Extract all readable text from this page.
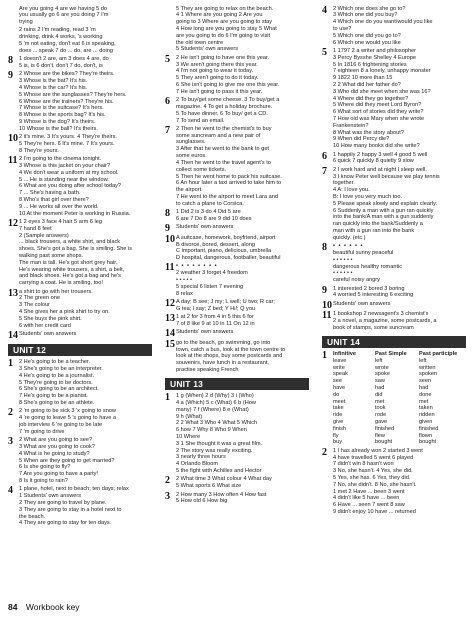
Are you going 4 are we having 5 do
you usually go 6 are you doing 7 I'm
trying
2 rains 2 I'm reading, read 3 'm
drinking, drink 4 works, 's working
5 'm not eating, don't eat 6 is speaking,
does ... speak 7 do ... do, are ... doing
8	1 doesn't 2 are, am 3 does 4 are, do
5 is, is 6 don't, don't 7 do, don't, is
9	2 Whose are the bikes? They're theirs.
3 Whose is the bat? It's his.
4 Whose is the car? It's his.
5 Whose are the sunglasses? They're hers.
6 Whose are the trainers? They're his.
7 Whose is the suitcase? It's hers.
8 Whose is the sports bag? It's his.
9 Whose is the dog? It's theirs.
10 Whose is the ball? It's theirs.
10 2 it's mine. 3 It's yours. 4 They're theirs.
5 They're hers. 6 It's mine. 7 It's yours.
8 They're yours.
11 2 I'm going to the cinema tonight.
3 Whose is this jacket on your chair?
4 We don't wear a uniform at my school.
5 ... He is standing near the window.
6 What are you doing after school today?
7 ... She's having a bath.
8 Who's that girl over there?
9 ... He works all over the world.
10 At the moment Peter is working in Russia.
12 1 2 eyes 3 face 4 hair 5 arm 6 leg
7 hand 8 feet
2 (Sample answers)
... black trousers, a white shirt, and black
shoes. She's got a bag. She is smiling. She is
walking past some shops.
The man is tall. He's got short grey hair.
He's wearing white trousers, a shirt, a belt,
and black shoes. He's got a bag and he's
carrying a coat. He is smiling, too!
13 a shirt to go with her trousers.
2 The green one
3 The colour
4 She gives her a pink shirt to try on.
5 She buys the pink shirt.
6 with her credit card
14 Students' own answers
UNIT 12
1	2 He's going to be a teacher.
3 She's going to be an interpreter.
4 He's going to be a journalist.
5 They're going to be doctors.
6 She's going to be an architect.
7 He's going to be a pianist.
8 She's going to be an athlete.
2	2 'm going to be sick 3 'x going to snow
4 're going to leave 5 's going to have a
job interview 6 're going to be late
7 'm going to drive
3	2 What are you going to see?
3 What are you going to cook?
4 What is he going to study?
5 When are they going to get married?
6 Is she going to fly?
7 Are you going to have a party!
8 Is it going to rain?
4	1 plane, hotel, next to beach; ten days; relax
1 Students' own answers
2 They are going to travel by plane.
3 They are going to stay in a hotel next to
the beach.
4 They are going to stay for ten days.
5 They are going to relax on the beach.
4 1 Where are you going 2 Are you
going to 3 Where are you going to stay
4 How long are you going to stay 5 What
are you going to do 6 I'm going to visit
the old town centre
5 Students' own answers
5	2 He isn't going to have one this year.
3 We aren't going there this year.
4 I'm not going to wear it today.
5 They aren't going to do it today.
6 She isn't going to give me one this year.
7 He isn't going to pass it this year.
6	2 To buy/get some cheese. 3 To buy/get a
magazine. 4 To get a holiday brochure.
5 To have dinner. 6 To buy/ get a CD.
7 To send an email.
7	2 Then he went to the chemist's to buy
some suncream and a new pair of
sunglasses.
3 After that he went to the bank to get
some euros.
4 Then he went to the travel agent's to
collect some tickets.
5 Then he went home to pack his suitcase.
6 An hour later a taxi arrived to take him to
the airport.
7 He went to the airport to meet Lara and
to catch a plane to Corsica.
8	1 Did 2 is 3 do 4 Did 5 are
6 are 7 Do 8 are 9 did 10 does
9	Students' own answers
10 A suitcase, homework, boyfriend, airport
B divorce, bored, dessert, along
C important, piano, delicious, umbrella
D hospital, dangerous, footballer, beautiful
11 • • • • • • • •
2 weather 3 forget 4 freedom
• • • • •
5 special 6 listen 7 evening
8 relax
12 A day; B see; J my; L well; U two; R car;
G tea; I say; Z bed; Y Hi!; Q you
13 1 at 2 for 3 from 4 in 5 this 6 for
7 of 8 like 9 at 10 in 11 On 12 in
14 Students' own answers
15 go to the beach, go swimming, go into
town, catch a bus, look at the town centre to
look at the shops, buy some postcards and
souvenirs, have lunch in a restaurant,
practise speaking French
UNIT 13
1	1 g (When) 2 d (Why) 3 i (Who)
4 a (Which) 5 c (What) 6 b (How
many) 7 f (Where) 8 e (What)
9 h (What)
2 2 What 3 Who 4 What 5 Which
6 how 7 Why 8 Who 9 When
10 Where
3 1 She thought it was a great film.
2 The story was really exciting.
3 nearly three hours
4 Orlando Bloom
5 the fight with Achilles and Hector
2	2 What time 3 What colour 4 What day
5 What sports 6 What size
3	2 How many 3 How often 4 How fast
5 How old 6 How big
4	2 Which one does she go to?
3 Which one did you buy?
4 Which one do you want/would you like
to use?
5 Which one did you go to?
6 Which one would you like
5	1 1797 2 a writer and philosopher
3 Percy Bysshe Shelley 4 Europe
5 In 1816 6 frightening stories
7 eighteen 8 a lonely, unhappy monster
9 1822 10 more than 15
2 2 What did her father do?
3 Who did she meet when she was 16?
4 Where did they go together?
5 Where did they meet Lord Byron?
6 What sort of stories did they write?
7 How old was Mary when she wrote
Frankenstein?
8 What was the story about?
9 When did Percy die?
10 How many books did she write?
6	1 happily 2 happy 3 well 4 good 5 well
6 quick 7 quickly 8 quietly 9 slow
7	2 I work hard and at night I sleep well.
3 I know Peter well because we play tennis
together.
4 A: I love you.
B: I love you very much too.
5 Please speak slowly and explain clearly.
6 Suddenly a man with a gun ran quickly
into the bank/A man with a gun suddenly
ran quickly into the bank/Suddenly a
man with a gun ran into the bank
quickly. (etc.)
8	• • • • • •
beautiful sunny peaceful
• • • • • •
dangerous healthy romantic
• • • • • •
careful noisy angry
9	1 interested 2 bored 3 boring
4 worried 5 interesting 6 exciting
10 Students' own answers
11 1 bookshop 2 newsagent's 3 chemist's
2 a novel, a magazine, some postcards, a
book of stamps, some suncream
UNIT 14
1	Infinitive	Past Simple	Past participle
leave	left	left
write	wrote	written
speak	spoke	spoken
see	saw	seen
have	had	had
do	did	done
meet	met	met
take	took	taken
ride	rode	ridden
give	gave	given
finish	finished	finished
fly	flew	flown
buy	bought	bought
2	1 I has already won 2 started 3 went
4 have travelled 5 went 6 played
7 didn't win 8 hasn't won
3 No, she hasn't. 4 Yes, she did.
5 Yes, she has. 6 Yes, they did.
7 No, she didn't. 8 No, she hasn't.
1 met 2 Have ... been 3 went
4 didn't like 5 have ... been
6 Have ... seen 7 went 8 saw
9 didn't enjoy 10 have ... returned
84 Workbook key
